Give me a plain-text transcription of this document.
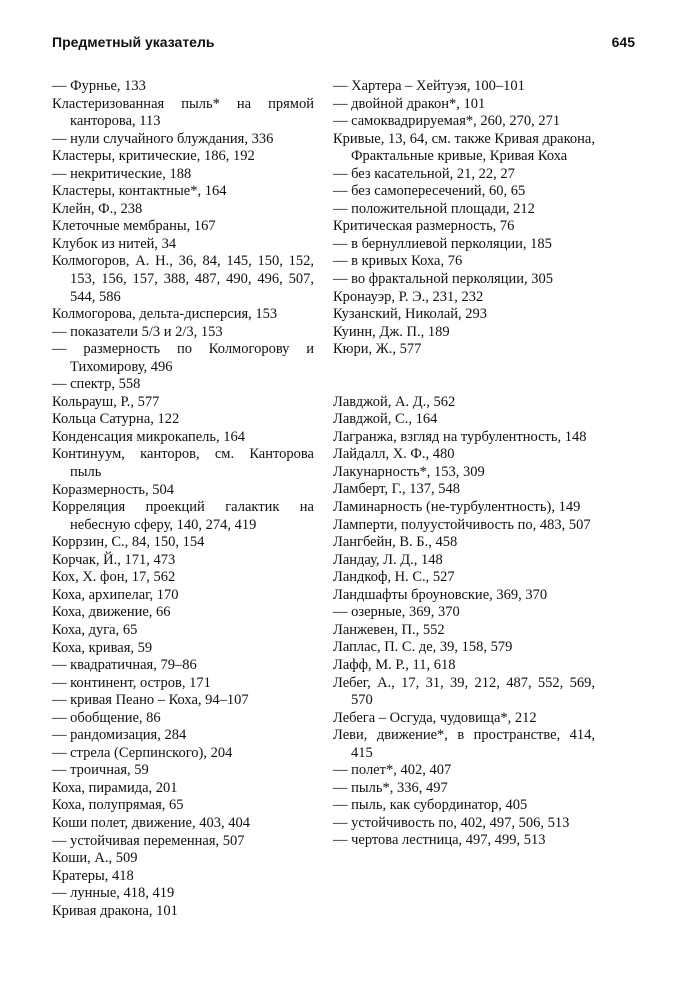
Предметный указатель	645

— Фурнье, 133

Кластеризованная пыль* на прямой канторова, 113

— нули случайного блуждания, 336

Кластеры, критические, 186, 192

— некритические, 188

Кластеры, контактные*, 164

Клейн, Ф., 238

Клеточные мембраны, 167

Клубок из нитей, 34

Колмогоров, А. Н., 36, 84, 145, 150, 152, 153, 156, 157, 388, 487, 490, 496, 507, 544, 586

Колмогорова, дельта-дисперсия, 153

— показатели 5/3 и 2/3, 153

— размерность по Колмогорову и Тихомирову, 496

— спектр, 558

Кольрауш, Р., 577

Кольца Сатурна, 122

Конденсация микрокапель, 164

Континуум, канторов, см. Канторова пыль

Коразмерность, 504

Корреляция проекций галактик на небесную сферу, 140, 274, 419

Коррзин, С., 84, 150, 154

Корчак, Й., 171, 473

Кох, Х. фон, 17, 562

Коха, архипелаг, 170

Коха, движение, 66

Коха, дуга, 65

Коха, кривая, 59

— квадратичная, 79–86

— континент, остров, 171

— кривая Пеано – Коха, 94–107

— обобщение, 86

— рандомизация, 284

— стрела (Серпинского), 204

— троичная, 59

Коха, пирамида, 201

Коха, полупрямая, 65

Коши полет, движение, 403, 404

— устойчивая переменная, 507

Коши, А., 509

Кратеры, 418

— лунные, 418, 419

Кривая дракона, 101

— Хартера – Хейтуэя, 100–101

— двойной дракон*, 101

— самоквадрируемая*, 260, 270, 271

Кривые, 13, 64, см. также Кривая дракона, Фрактальные кривые, Кривая Коха

— без касательной, 21, 22, 27

— без самопересечений, 60, 65

— положительной площади, 212

Критическая размерность, 76

— в бернуллиевой перколяции, 185

— в кривых Коха, 76

— во фрактальной перколяции, 305

Кронауэр, Р. Э., 231, 232

Кузанский, Николай, 293

Куинн, Дж. П., 189

Кюри, Ж., 577

Лавджой, А. Д., 562

Лавджой, С., 164

Лагранжа, взгляд на турбулентность, 148

Лайдалл, Х. Ф., 480

Лакунарность*, 153, 309

Ламберт, Г., 137, 548

Ламинарность (не-турбулентность), 149

Ламперти, полуустойчивость по, 483, 507

Лангбейн, В. Б., 458

Ландау, Л. Д., 148

Ландкоф, Н. С., 527

Ландшафты броуновские, 369, 370

— озерные, 369, 370

Ланжевен, П., 552

Лаплас, П. С. де, 39, 158, 579

Лафф, М. Р., 11, 618

Лебег, А., 17, 31, 39, 212, 487, 552, 569, 570

Лебега – Осгуда, чудовища*, 212

Леви, движение*, в пространстве, 414, 415

— полет*, 402, 407

— пыль*, 336, 497

— пыль, как субординатор, 405

— устойчивость по, 402, 497, 506, 513

— чертова лестница, 497, 499, 513
